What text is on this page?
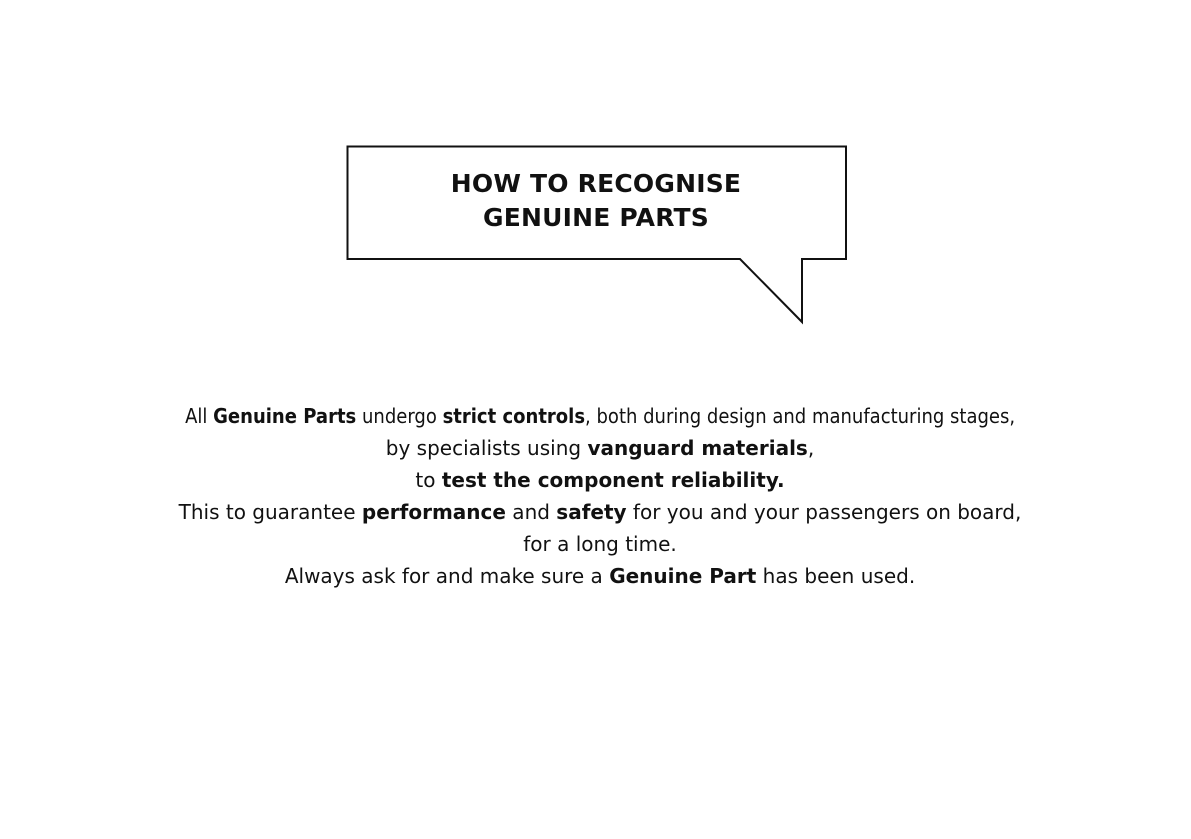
HOW TO RECOGNISE
GENUINE PARTS
All Genuine Parts undergo strict controls, both during design and manufacturing stages,
by specialists using vanguard materials,
to test the component reliability.
This to guarantee performance and safety for you and your passengers on board,
for a long time.
Always ask for and make sure a Genuine Part has been used.
